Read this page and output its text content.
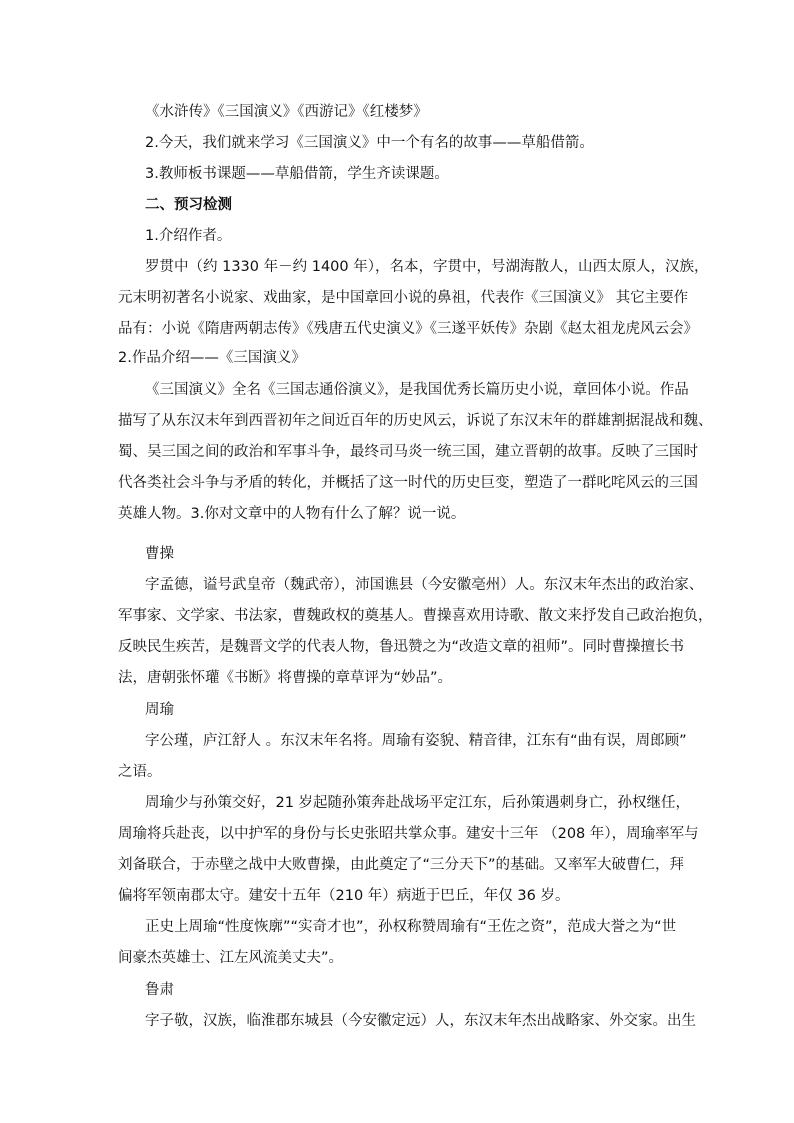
《水浒传》《三国演义》《西游记》《红楼梦》
2.今天，我们就来学习《三国演义》中一个有名的故事——草船借箭。
3.教师板书课题——草船借箭，学生齐读课题。
二、预习检测
1.介绍作者。
罗贯中（约 1330 年－约 1400 年），名本，字贯中，号湖海散人，山西太原人，汉族，
元末明初著名小说家、戏曲家，是中国章回小说的鼻祖，代表作《三国演义》 其它主要作
品有：小说《隋唐两朝志传》《残唐五代史演义》《三遂平妖传》杂剧《赵太祖龙虎风云会》
2.作品介绍——《三国演义》
《三国演义》全名《三国志通俗演义》，是我国优秀长篇历史小说，章回体小说。作品
描写了从东汉末年到西晋初年之间近百年的历史风云，诉说了东汉末年的群雄割据混战和魏、
蜀、吴三国之间的政治和军事斗争，最终司马炎一统三国，建立晋朝的故事。反映了三国时
代各类社会斗争与矛盾的转化，并概括了这一时代的历史巨变，塑造了一群叱咤风云的三国
英雄人物。3.你对文章中的人物有什么了解？说一说。
曹操
字孟德，谥号武皇帝（魏武帝），沛国谯县（今安徽亳州）人。东汉末年杰出的政治家、
军事家、文学家、书法家，曹魏政权的奠基人。曹操喜欢用诗歌、散文来抒发自己政治抱负，
反映民生疾苦，是魏晋文学的代表人物，鲁迅赞之为“改造文章的祖师”。同时曹操擅长书
法，唐朝张怀瓘《书断》将曹操的章草评为“妙品”。
周瑜
字公瑾，庐江舒人 。东汉末年名将。周瑜有姿貌、精音律，江东有“曲有误，周郎顾”
之语。
周瑜少与孙策交好，21 岁起随孙策奔赴战场平定江东，后孙策遇刺身亡，孙权继任，
周瑜将兵赴丧，以中护军的身份与长史张昭共掌众事。建安十三年 （208 年），周瑜率军与
刘备联合，于赤壁之战中大败曹操，由此奠定了“三分天下”的基础。又率军大破曹仁，拜
偏将军领南郡太守。建安十五年（210 年）病逝于巴丘，年仅 36 岁。
正史上周瑜“性度恢廓”“实奇才也”，孙权称赞周瑜有“王佐之资”，范成大誉之为“世
间豪杰英雄士、江左风流美丈夫”。
鲁肃
字子敬，汉族，临淮郡东城县（今安徽定远）人，东汉末年杰出战略家、外交家。出生
